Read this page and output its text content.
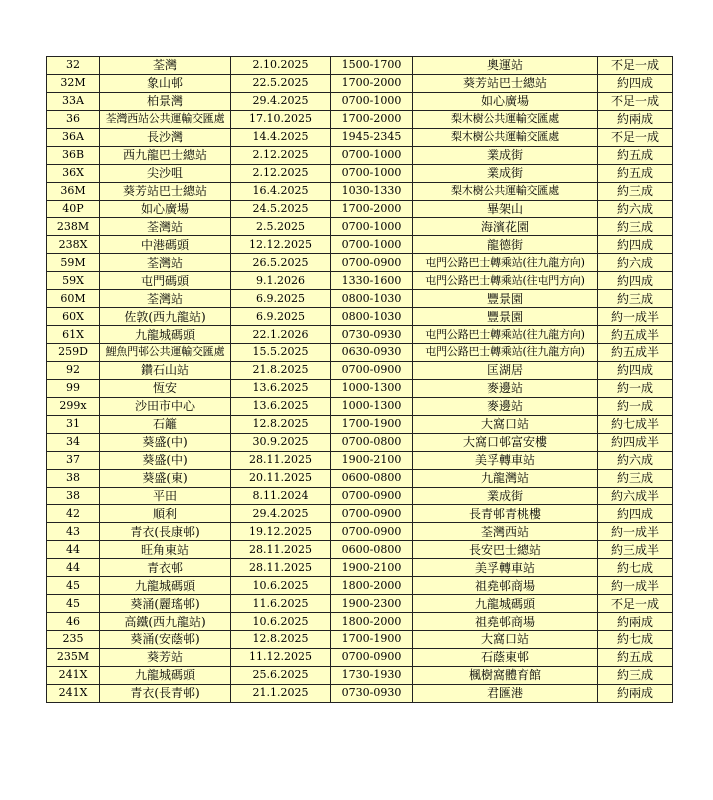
32	荃灣	2.10.2025	1500-1700	奧運站	不足一成
32M	象山邨	22.5.2025	1700-2000	葵芳站巴士總站	約四成
33A	柏景灣	29.4.2025	0700-1000	如心廣場	不足一成
36	荃灣西站公共運輸交匯處	17.10.2025	1700-2000	梨木樹公共運輸交匯處	約兩成
36A	長沙灣	14.4.2025	1945-2345	梨木樹公共運輸交匯處	不足一成
36B	西九龍巴士總站	2.12.2025	0700-1000	業成街	約五成
36X	尖沙咀	2.12.2025	0700-1000	業成街	約五成
36M	葵芳站巴士總站	16.4.2025	1030-1330	梨木樹公共運輸交匯處	約三成
40P	如心廣場	24.5.2025	1700-2000	畢架山	約六成
238M	荃灣站	2.5.2025	0700-1000	海濱花園	約三成
238X	中港碼頭	12.12.2025	0700-1000	龍德街	約四成
59M	荃灣站	26.5.2025	0700-0900	屯門公路巴士轉乘站(往九龍方向)	約六成
59X	屯門碼頭	9.1.2026	1330-1600	屯門公路巴士轉乘站(往屯門方向)	約四成
60M	荃灣站	6.9.2025	0800-1030	豐景園	約三成
60X	佐敦(西九龍站)	6.9.2025	0800-1030	豐景園	約一成半
61X	九龍城碼頭	22.1.2026	0730-0930	屯門公路巴士轉乘站(往九龍方向)	約五成半
259D	鯉魚門邨公共運輸交匯處	15.5.2025	0630-0930	屯門公路巴士轉乘站(往九龍方向)	約五成半
92	鑽石山站	21.8.2025	0700-0900	匡湖居	約四成
99	恆安	13.6.2025	1000-1300	麥邊站	約一成
299x	沙田市中心	13.6.2025	1000-1300	麥邊站	約一成
31	石籬	12.8.2025	1700-1900	大窩口站	約七成半
34	葵盛(中)	30.9.2025	0700-0800	大窩口邨富安樓	約四成半
37	葵盛(中)	28.11.2025	1900-2100	美孚轉車站	約六成
38	葵盛(東)	20.11.2025	0600-0800	九龍灣站	約三成
38	平田	8.11.2024	0700-0900	業成街	約六成半
42	順利	29.4.2025	0700-0900	長青邨青桃樓	約四成
43	青衣(長康邨)	19.12.2025	0700-0900	荃灣西站	約一成半
44	旺角東站	28.11.2025	0600-0800	長安巴士總站	約三成半
44	青衣邨	28.11.2025	1900-2100	美孚轉車站	約七成
45	九龍城碼頭	10.6.2025	1800-2000	祖堯邨商場	約一成半
45	葵涌(麗瑤邨)	11.6.2025	1900-2300	九龍城碼頭	不足一成
46	高鐵(西九龍站)	10.6.2025	1800-2000	祖堯邨商場	約兩成
235	葵涌(安蔭邨)	12.8.2025	1700-1900	大窩口站	約七成
235M	葵芳站	11.12.2025	0700-0900	石蔭東邨	約五成
241X	九龍城碼頭	25.6.2025	1730-1930	楓樹窩體育館	約三成
241X	青衣(長青邨)	21.1.2025	0730-0930	君匯港	約兩成
